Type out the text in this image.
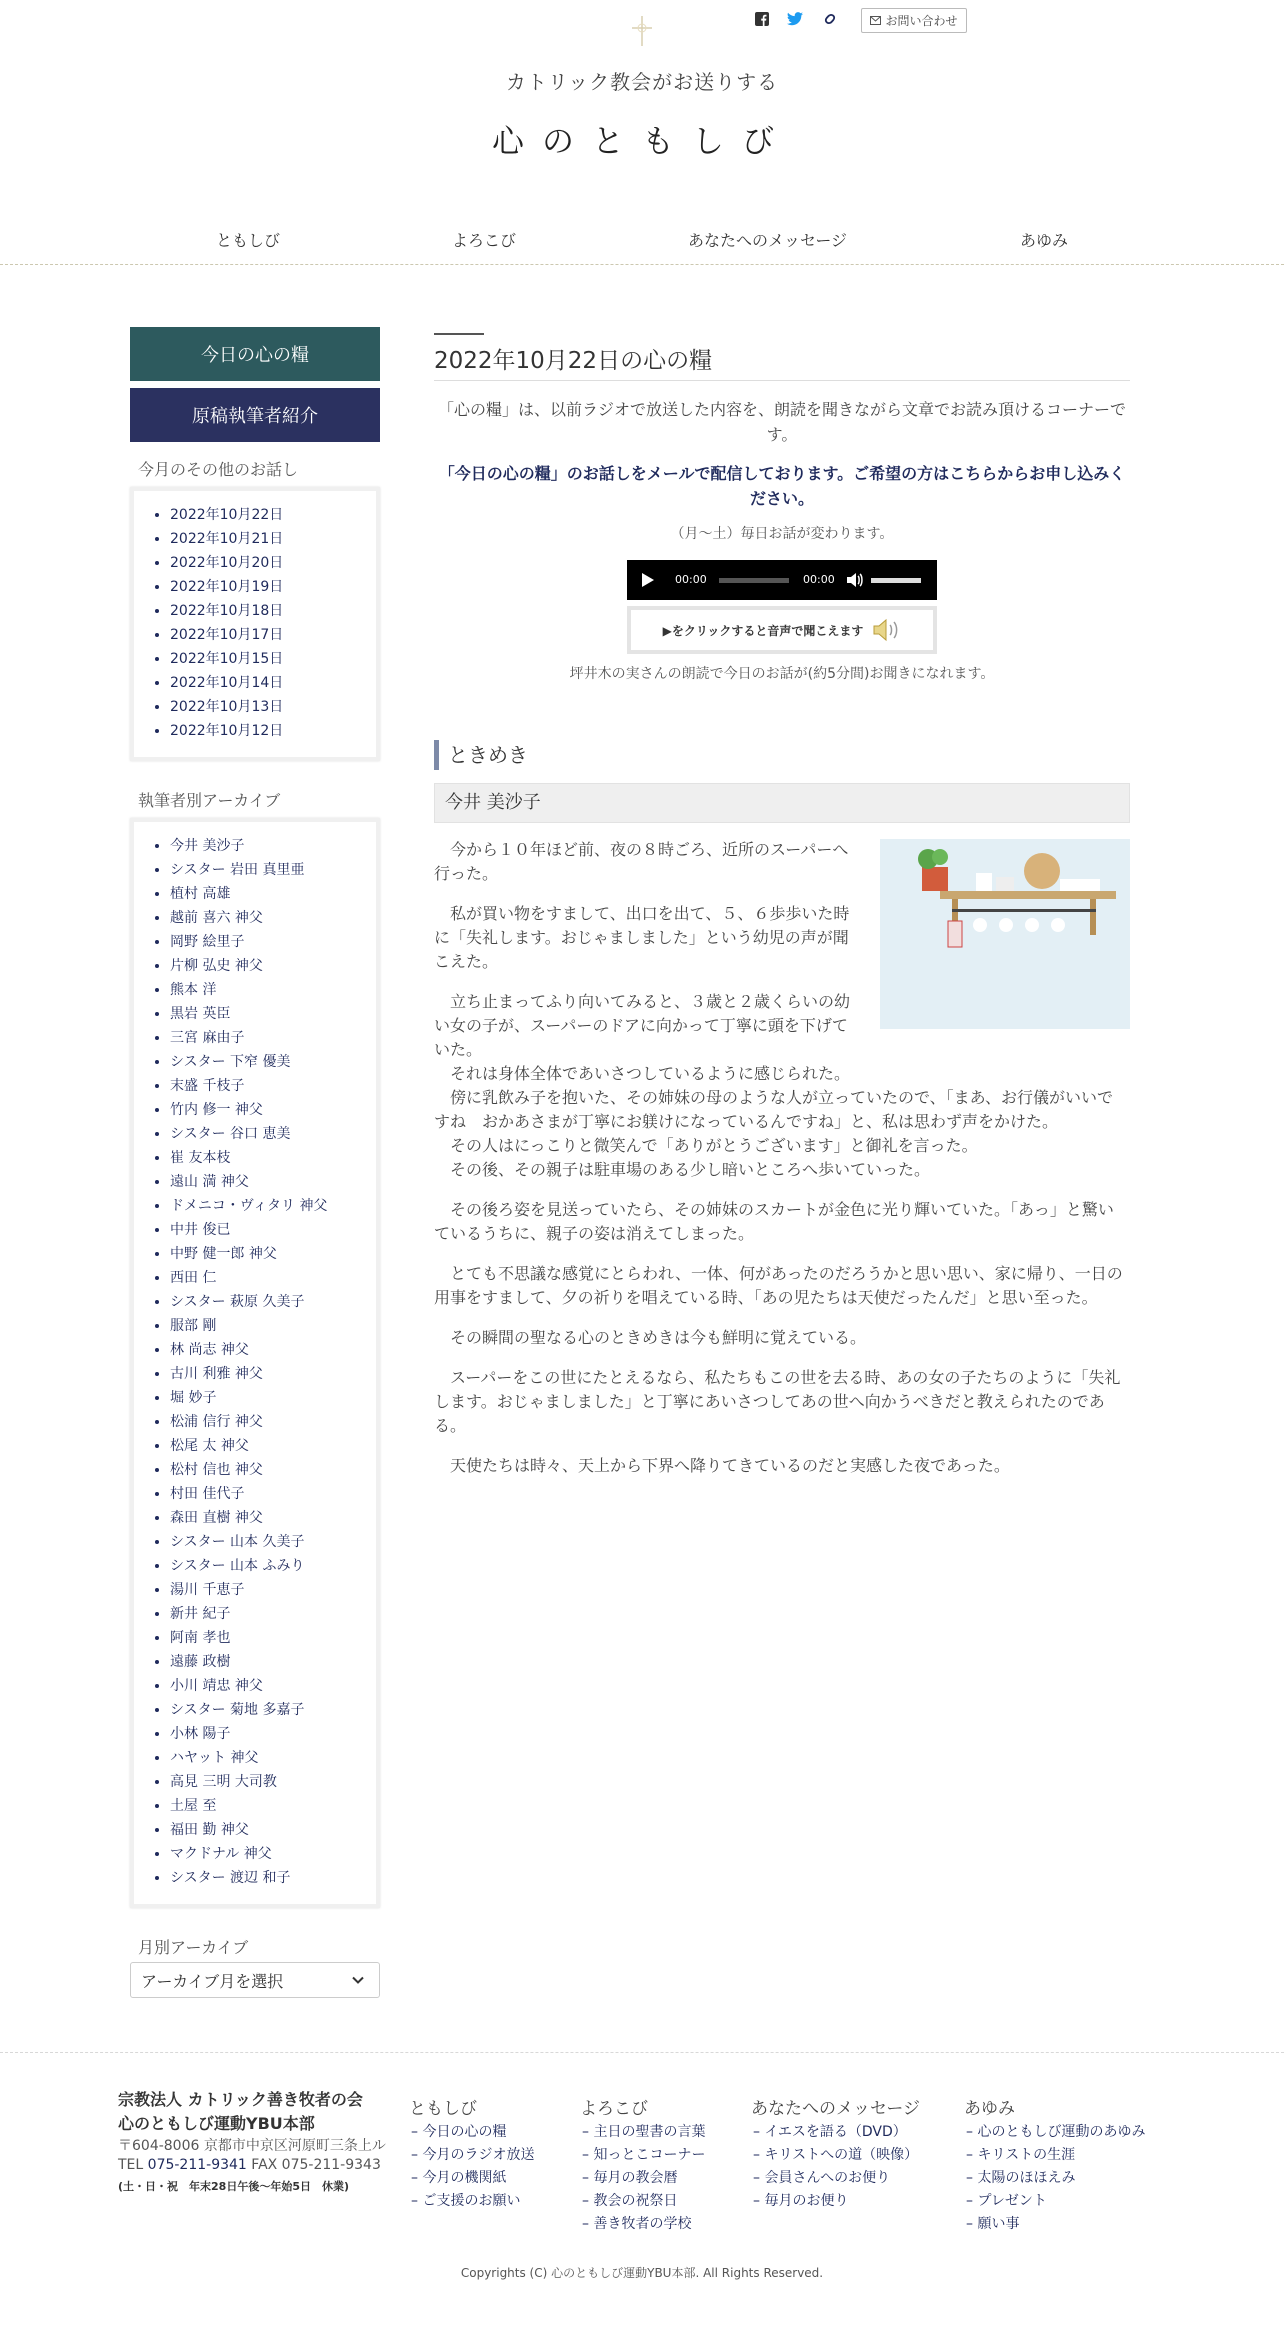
お問い合わせ
カトリック教会がお送りする
心のともしび
ともしび	よろこび	あなたへのメッセージ	あゆみ
今日の心の糧
原稿執筆者紹介
今月のその他のお話し
• 2022年10月22日
• 2022年10月21日
• 2022年10月20日
• 2022年10月19日
• 2022年10月18日
• 2022年10月17日
• 2022年10月15日
• 2022年10月14日
• 2022年10月13日
• 2022年10月12日
執筆者別アーカイブ
• 今井 美沙子
• シスター 岩田 真里亜
• 植村 高雄
• 越前 喜六 神父
• 岡野 絵里子
• 片柳 弘史 神父
• 熊本 洋
• 黒岩 英臣
• 三宮 麻由子
• シスター 下窄 優美
• 末盛 千枝子
• 竹内 修一 神父
• シスター 谷口 恵美
• 崔 友本枝
• 遠山 満 神父
• ドメニコ・ヴィタリ 神父
• 中井 俊已
• 中野 健一郎 神父
• 西田 仁
• シスター 萩原 久美子
• 服部 剛
• 林 尚志 神父
• 古川 利雅 神父
• 堀 妙子
• 松浦 信行 神父
• 松尾 太 神父
• 松村 信也 神父
• 村田 佳代子
• 森田 直樹 神父
• シスター 山本 久美子
• シスター 山本 ふみり
• 湯川 千恵子
• 新井 紀子
• 阿南 孝也
• 遠藤 政樹
• 小川 靖忠 神父
• シスター 菊地 多嘉子
• 小林 陽子
• ハヤット 神父
• 高見 三明 大司教
• 土屋 至
• 福田 勤 神父
• マクドナル 神父
• シスター 渡辺 和子
月別アーカイブ
アーカイブ月を選択
2022年10月22日の心の糧
「心の糧」は、以前ラジオで放送した内容を、朗読を聞きながら文章でお読み頂けるコーナーです。
「今日の心の糧」のお話しをメールで配信しております。ご希望の方はこちらからお申し込みください。
（月～土）毎日お話が変わります。
00:00	00:00
▶をクリックすると音声で聞こえます
坪井木の実さんの朗読で今日のお話が(約5分間)お聞きになれます。
ときめき
今井 美沙子
　今から１０年ほど前、夜の８時ごろ、近所のスーパーへ
行った。
　私が買い物をすまして、出口を出て、５、６歩歩いた時
に「失礼します。おじゃましました」という幼児の声が聞
こえた。
　立ち止まってふり向いてみると、３歳と２歳くらいの幼
い女の子が、スーパーのドアに向かって丁寧に頭を下げて
いた。
　それは身体全体であいさつしているように感じられた。
　傍に乳飲み子を抱いた、その姉妹の母のような人が立っていたので、「まあ、お行儀がいいで
すね　おかあさまが丁寧にお躾けになっているんですね」と、私は思わず声をかけた。
　その人はにっこりと微笑んで「ありがとうございます」と御礼を言った。
　その後、その親子は駐車場のある少し暗いところへ歩いていった。
　その後ろ姿を見送っていたら、その姉妹のスカートが金色に光り輝いていた。「あっ」と驚い
ているうちに、親子の姿は消えてしまった。
　とても不思議な感覚にとらわれ、一体、何があったのだろうかと思い思い、家に帰り、一日の
用事をすまして、夕の祈りを唱えている時、「あの児たちは天使だったんだ」と思い至った。
　その瞬間の聖なる心のときめきは今も鮮明に覚えている。
　スーパーをこの世にたとえるなら、私たちもこの世を去る時、あの女の子たちのように「失礼
します。おじゃましました」と丁寧にあいさつしてあの世へ向かうべきだと教えられたのであ
る。
　天使たちは時々、天上から下界へ降りてきているのだと実感した夜であった。
宗教法人 カトリック善き牧者の会
心のともしび運動YBU本部
〒604-8006 京都市中京区河原町三条上ル
TEL 075-211-9341 FAX 075-211-9343
(土・日・祝　年末28日午後〜年始5日　休業)
ともしび
– 今日の心の糧
– 今月のラジオ放送
– 今月の機関紙
– ご支援のお願い
よろこび
– 主日の聖書の言葉
– 知っとこコーナー
– 毎月の教会暦
– 教会の祝祭日
– 善き牧者の学校
あなたへのメッセージ
– イエスを語る（DVD）
– キリストへの道（映像）
– 会員さんへのお便り
– 毎月のお便り
あゆみ
– 心のともしび運動のあゆみ
– キリストの生涯
– 太陽のほほえみ
– プレゼント
– 願い事
Copyrights (C) 心のともしび運動YBU本部. All Rights Reserved.
